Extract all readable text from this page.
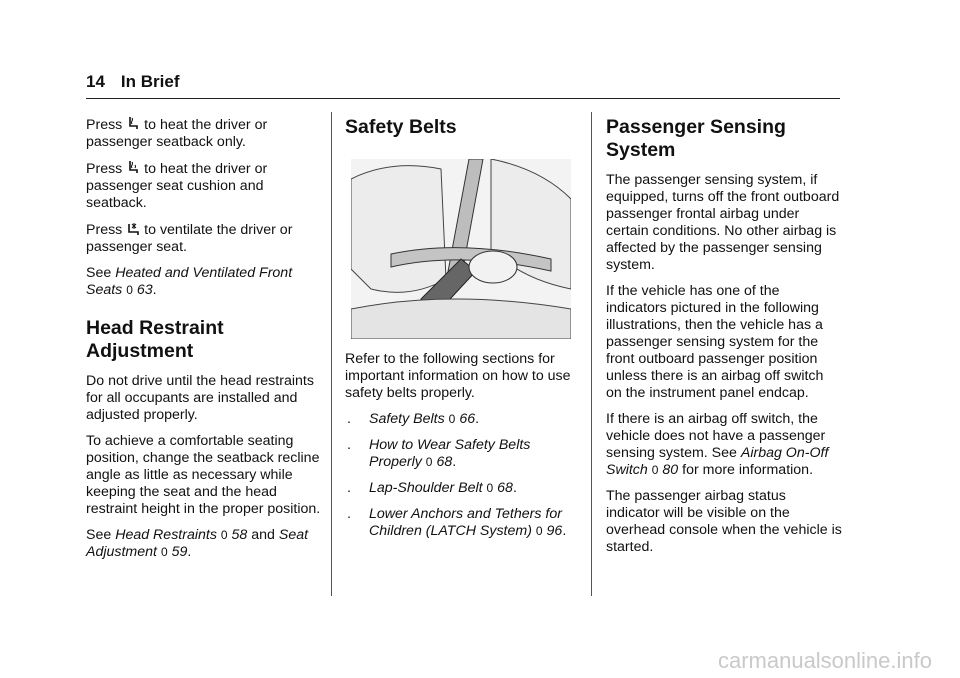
14 In Brief

Press to heat the driver or passenger seatback only.

Press to heat the driver or passenger seat cushion and seatback.

Press to ventilate the driver or passenger seat.

See Heated and Ventilated Front Seats 0 63.

Head Restraint Adjustment

Do not drive until the head restraints for all occupants are installed and adjusted properly.

To achieve a comfortable seating position, change the seatback recline angle as little as necessary while keeping the seat and the head restraint height in the proper position.

See Head Restraints 0 58 and Seat Adjustment 0 59.

Safety Belts

Refer to the following sections for important information on how to use safety belts properly.

.	Safety Belts 0 66.
.	How to Wear Safety Belts Properly 0 68.
.	Lap-Shoulder Belt 0 68.
.	Lower Anchors and Tethers for Children (LATCH System) 0 96.
Passenger Sensing System

The passenger sensing system, if equipped, turns off the front outboard passenger frontal airbag under certain conditions. No other airbag is affected by the passenger sensing system.

If the vehicle has one of the indicators pictured in the following illustrations, then the vehicle has a passenger sensing system for the front outboard passenger position unless there is an airbag off switch on the instrument panel endcap.

If there is an airbag off switch, the vehicle does not have a passenger sensing system. See Airbag On-Off Switch 0 80 for more information.

The passenger airbag status indicator will be visible on the overhead console when the vehicle is started.

carmanualsonline.info
